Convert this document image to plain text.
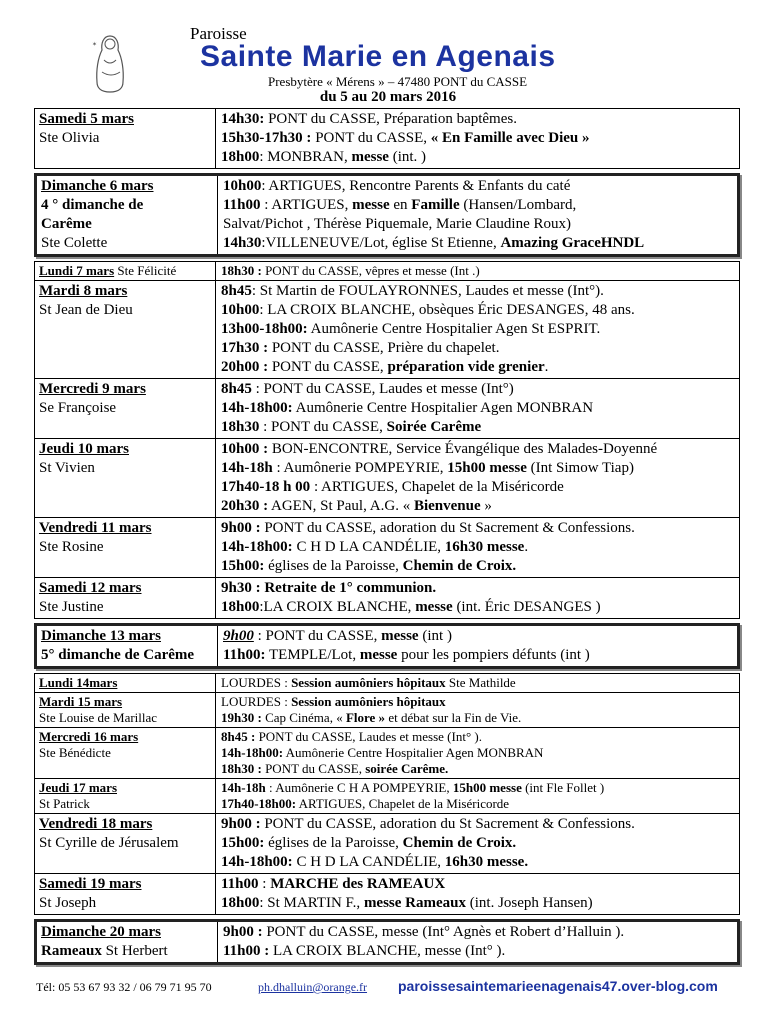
✶
Paroisse
Sainte Marie en Agenais
Presbytère « Mérens » – 47480 PONT du CASSE
du 5 au 20 mars 2016
Samedi 5 mars
Ste Olivia
14h30: PONT du CASSE, Préparation baptêmes.
15h30-17h30 : PONT du CASSE, « En Famille avec Dieu »
18h00: MONBRAN, messe (int. )
Dimanche 6 mars
4 ° dimanche de
Carême
Ste Colette
10h00: ARTIGUES, Rencontre Parents & Enfants du caté
11h00 : ARTIGUES, messe en Famille (Hansen/Lombard,
Salvat/Pichot , Thérèse Piquemale, Marie Claudine Roux)
14h30:VILLENEUVE/Lot, église St Etienne, Amazing GraceHNDL
Lundi 7 mars Ste Félicité	18h30 : PONT du CASSE, vêpres et messe (Int .)
Mardi 8 mars
St Jean de Dieu
8h45: St Martin de FOULAYRONNES, Laudes et messe (Int°).
10h00: LA CROIX BLANCHE, obsèques Éric DESANGES, 48 ans.
13h00-18h00: Aumônerie Centre Hospitalier Agen St ESPRIT.
17h30 : PONT du CASSE, Prière du chapelet.
20h00 : PONT du CASSE, préparation vide grenier.
Mercredi 9 mars
Se Françoise
8h45 : PONT du CASSE, Laudes et messe (Int°)
14h-18h00: Aumônerie Centre Hospitalier Agen MONBRAN
18h30 : PONT du CASSE, Soirée Carême
Jeudi 10 mars
St Vivien
10h00 : BON-ENCONTRE, Service Évangélique des Malades-Doyenné
14h-18h : Aumônerie POMPEYRIE, 15h00 messe (Int Simow Tiap)
17h40-18 h 00 : ARTIGUES, Chapelet de la Miséricorde
20h30 : AGEN, St Paul, A.G. « Bienvenue »
Vendredi 11 mars
Ste Rosine
9h00 : PONT du CASSE, adoration du St Sacrement & Confessions.
14h-18h00: C H D LA CANDÉLIE, 16h30 messe.
15h00: églises de la Paroisse, Chemin de Croix.
Samedi 12 mars
Ste Justine
9h30 : Retraite de 1° communion.
18h00:LA CROIX BLANCHE, messe (int. Éric DESANGES )
Dimanche 13 mars
5° dimanche de Carême
9h00 : PONT du CASSE, messe (int )
11h00: TEMPLE/Lot, messe pour les pompiers défunts (int )
Lundi 14mars	LOURDES : Session aumôniers hôpitaux Ste Mathilde
Mardi 15 mars
Ste Louise de Marillac
LOURDES : Session aumôniers hôpitaux
19h30 : Cap Cinéma, « Flore » et débat sur la Fin de Vie.
Mercredi 16 mars
Ste Bénédicte
8h45 : PONT du CASSE, Laudes et messe (Int° ).
14h-18h00: Aumônerie Centre Hospitalier Agen MONBRAN
18h30 : PONT du CASSE, soirée Carême.
Jeudi 17 mars
St Patrick
14h-18h : Aumônerie C H A POMPEYRIE, 15h00 messe (int Fle Follet )
17h40-18h00: ARTIGUES, Chapelet de la Miséricorde
Vendredi 18 mars
St Cyrille de Jérusalem
9h00 : PONT du CASSE, adoration du St Sacrement & Confessions.
15h00: églises de la Paroisse, Chemin de Croix.
14h-18h00: C H D LA CANDÉLIE, 16h30 messe.
Samedi 19 mars
St Joseph
11h00 : MARCHE des RAMEAUX
18h00: St MARTIN F., messe Rameaux (int. Joseph Hansen)
Dimanche 20 mars
Rameaux St Herbert
9h00 : PONT du CASSE, messe (Int° Agnès et Robert d’Halluin ).
11h00 : LA CROIX BLANCHE, messe (Int° ).
Tél: 05 53 67 93 32 / 06 79 71 95 70	ph.dhalluin@orange.fr paroissesaintemarieenagenais47.over-blog.com
